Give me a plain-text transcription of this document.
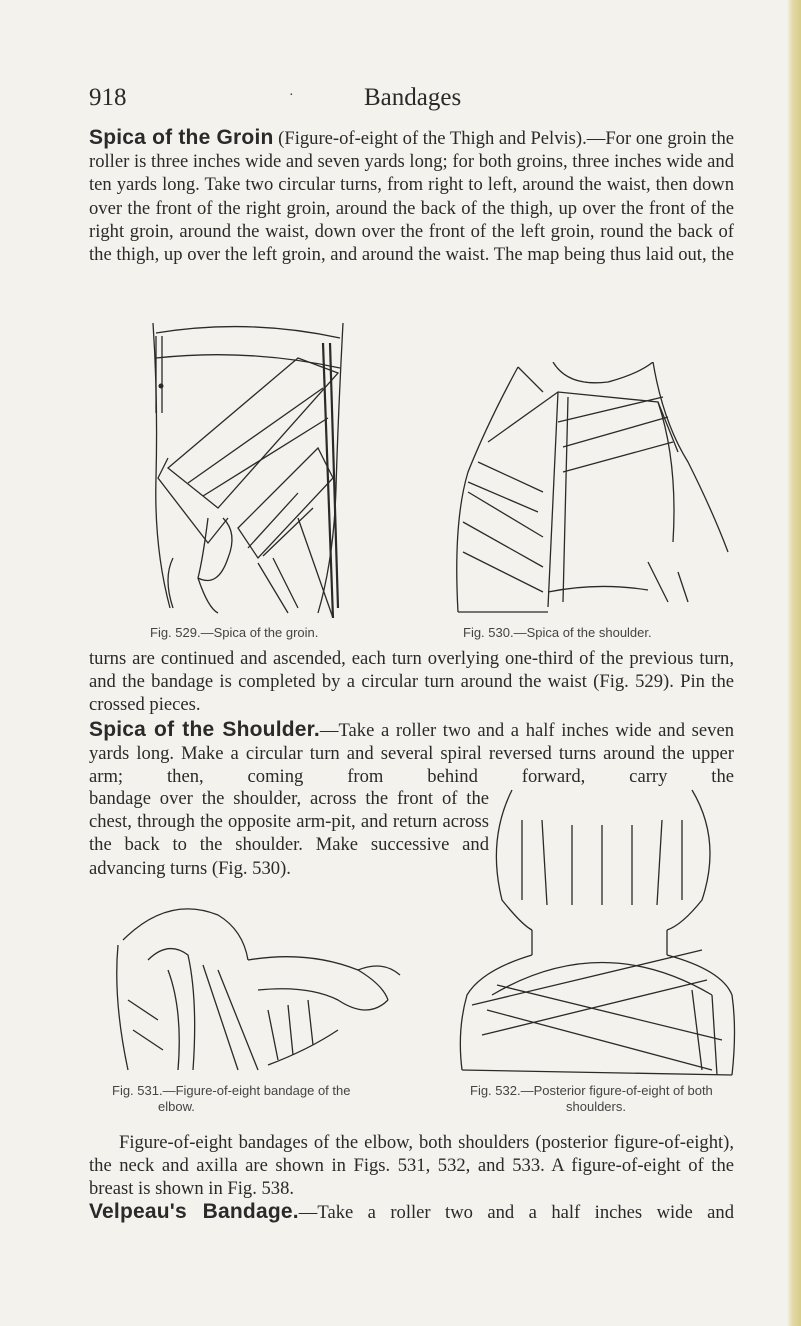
918	·	Bandages

Spica of the Groin (Figure-of-eight of the Thigh and Pelvis).—For one groin the roller is three inches wide and seven yards long; for both groins, three inches wide and ten yards long. Take two circular turns, from right to left, around the waist, then down over the front of the right groin, around the back of the thigh, up over the front of the right groin, around the waist, down over the front of the left groin, round the back of the thigh, up over the left groin, and around the waist. The map being thus laid out, the

Fig. 529.—Spica of the groin.	Fig. 530.—Spica of the shoulder.

turns are continued and ascended, each turn overlying one-third of the previous turn, and the bandage is completed by a circular turn around the waist (Fig. 529). Pin the crossed pieces.

Spica of the Shoulder.—Take a roller two and a half inches wide and seven yards long. Make a circular turn and several spiral reversed turns around the upper arm; then, coming from behind forward, carry the

bandage over the shoulder, across the front of the chest, through the opposite arm-pit, and return across the back to the shoulder. Make successive and advancing turns (Fig. 530).

Fig. 531.—Figure-of-eight bandage of the
elbow.
Fig. 532.—Posterior figure-of-eight of both
shoulders.

Figure-of-eight bandages of the elbow, both shoulders (posterior figure-of-eight), the neck and axilla are shown in Figs. 531, 532, and 533. A figure-of-eight of the breast is shown in Fig. 538.

Velpeau's Bandage.—Take a roller two and a half inches wide and
